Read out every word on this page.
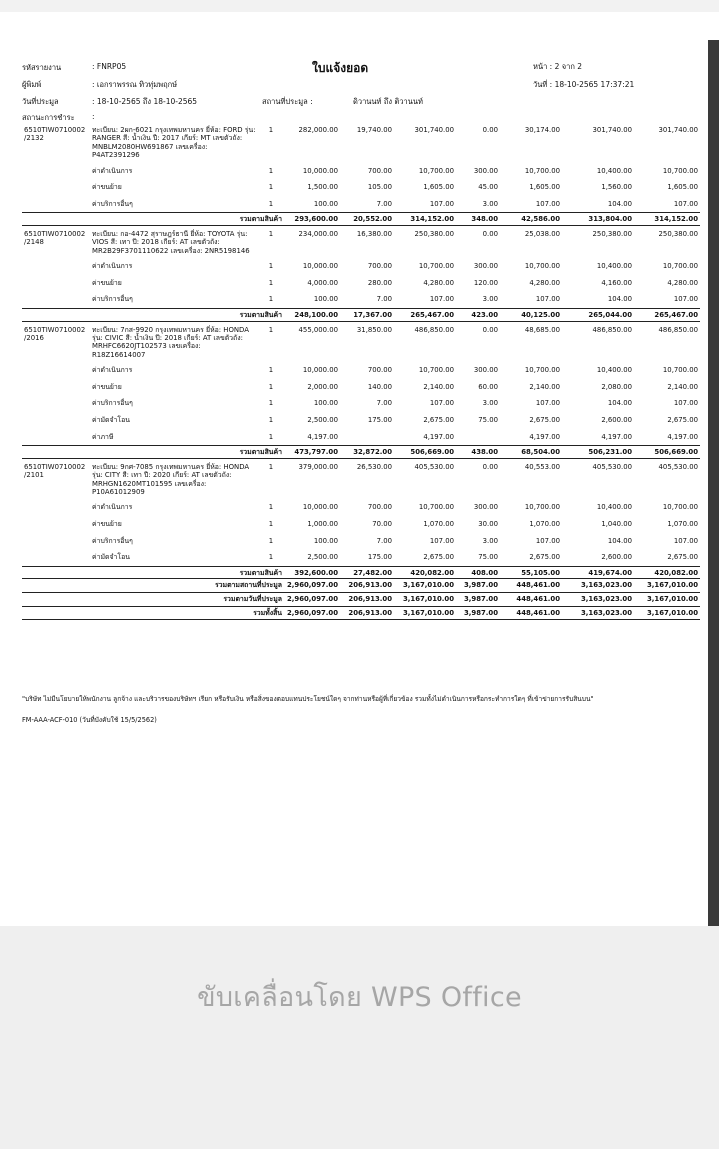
รหัสรายงาน	: FNRP05
ผู้พิมพ์	: เอกราพรรณ ทิวทุ่มพฤกษ์
วันที่ประมูล	: 18-10-2565 ถึง 18-10-2565
สถานะการชำระ :
ใบแจ้งยอด
สถานที่ประมูล :	ดิวานนท์ ถึง ติวานนท์
หน้า : 2 จาก 2
วันที่ : 18-10-2565 17:37:21
6510TIW0710002 /2132	ทะเบียน: 2ผก-6021 กรุงเทพมหานคร ยี่ห้อ: FORD รุ่น: RANGER สี: น้ำเงิน ปี: 2017 เกียร์: MT เลขตัวถัง: MNBLM2080HW691867 เลขเครื่อง: P4AT2391296	1	282,000.00	19,740.00	301,740.00	0.00	30,174.00	301,740.00	301,740.00
	ค่าดำเนินการ	1	10,000.00	700.00	10,700.00	300.00	10,700.00	10,400.00	10,700.00
	ค่าขนย้าย	1	1,500.00	105.00	1,605.00	45.00	1,605.00	1,560.00	1,605.00
	ค่าบริการอื่นๆ	1	100.00	7.00	107.00	3.00	107.00	104.00	107.00
	รวมตามสินค้า		293,600.00	20,552.00	314,152.00	348.00	42,586.00	313,804.00	314,152.00
6510TIW0710002 /2148	ทะเบียน: กอ-4472 สุราษฎร์ธานี ยี่ห้อ: TOYOTA รุ่น: VIOS สี: เทา ปี: 2018 เกียร์: AT เลขตัวถัง: MR2B29F3701110622 เลขเครื่อง: 2NR5198146	1	234,000.00	16,380.00	250,380.00	0.00	25,038.00	250,380.00	250,380.00
	ค่าดำเนินการ	1	10,000.00	700.00	10,700.00	300.00	10,700.00	10,400.00	10,700.00
	ค่าขนย้าย	1	4,000.00	280.00	4,280.00	120.00	4,280.00	4,160.00	4,280.00
	ค่าบริการอื่นๆ	1	100.00	7.00	107.00	3.00	107.00	104.00	107.00
	รวมตามสินค้า		248,100.00	17,367.00	265,467.00	423.00	40,125.00	265,044.00	265,467.00
6510TIW0710002 /2016	ทะเบียน: 7กส-9920 กรุงเทพมหานคร ยี่ห้อ: HONDA รุ่น: CIVIC สี: น้ำเงิน ปี: 2018 เกียร์: AT เลขตัวถัง: MRHFC6620JT102573 เลขเครื่อง: R18Z16614007	1	455,000.00	31,850.00	486,850.00	0.00	48,685.00	486,850.00	486,850.00
	ค่าดำเนินการ	1	10,000.00	700.00	10,700.00	300.00	10,700.00	10,400.00	10,700.00
	ค่าขนย้าย	1	2,000.00	140.00	2,140.00	60.00	2,140.00	2,080.00	2,140.00
	ค่าบริการอื่นๆ	1	100.00	7.00	107.00	3.00	107.00	104.00	107.00
	ค่ามัดจำโอน	1	2,500.00	175.00	2,675.00	75.00	2,675.00	2,600.00	2,675.00
	ค่าภาษี	1	4,197.00		4,197.00		4,197.00	4,197.00	4,197.00
	รวมตามสินค้า		473,797.00	32,872.00	506,669.00	438.00	68,504.00	506,231.00	506,669.00
6510TIW0710002 /2101	ทะเบียน: 9กศ-7085 กรุงเทพมหานคร ยี่ห้อ: HONDA รุ่น: CITY สี: เทา ปี: 2020 เกียร์: AT เลขตัวถัง: MRHGN1620MT101595 เลขเครื่อง: P10A61012909	1	379,000.00	26,530.00	405,530.00	0.00	40,553.00	405,530.00	405,530.00
	ค่าดำเนินการ	1	10,000.00	700.00	10,700.00	300.00	10,700.00	10,400.00	10,700.00
	ค่าขนย้าย	1	1,000.00	70.00	1,070.00	30.00	1,070.00	1,040.00	1,070.00
	ค่าบริการอื่นๆ	1	100.00	7.00	107.00	3.00	107.00	104.00	107.00
	ค่ามัดจำโอน	1	2,500.00	175.00	2,675.00	75.00	2,675.00	2,600.00	2,675.00
	รวมตามสินค้า		392,600.00	27,482.00	420,082.00	408.00	55,105.00	419,674.00	420,082.00
	รวมตามสถานที่ประมูล		2,960,097.00	206,913.00	3,167,010.00	3,987.00	448,461.00	3,163,023.00	3,167,010.00
	รวมตามวันที่ประมูล		2,960,097.00	206,913.00	3,167,010.00	3,987.00	448,461.00	3,163,023.00	3,167,010.00
	รวมทั้งสิ้น		2,960,097.00	206,913.00	3,167,010.00	3,987.00	448,461.00	3,163,023.00	3,167,010.00
"บริษัท ไม่มีนโยบายให้พนักงาน ลูกจ้าง และบริวารของบริษัทฯ เรียก หรือรับเงิน หรือสิ่งของตอบแทนประโยชน์ใดๆ จากท่านหรือผู้ที่เกี่ยวข้อง รวมทั้งไม่ดำเนินการหรือกระทำการใดๆ ที่เข้าข่ายการรับสินบน"
FM-AAA-ACF-010 (วันที่บังคับใช้ 15/5/2562)
ขับเคลื่อนโดย WPS Office
